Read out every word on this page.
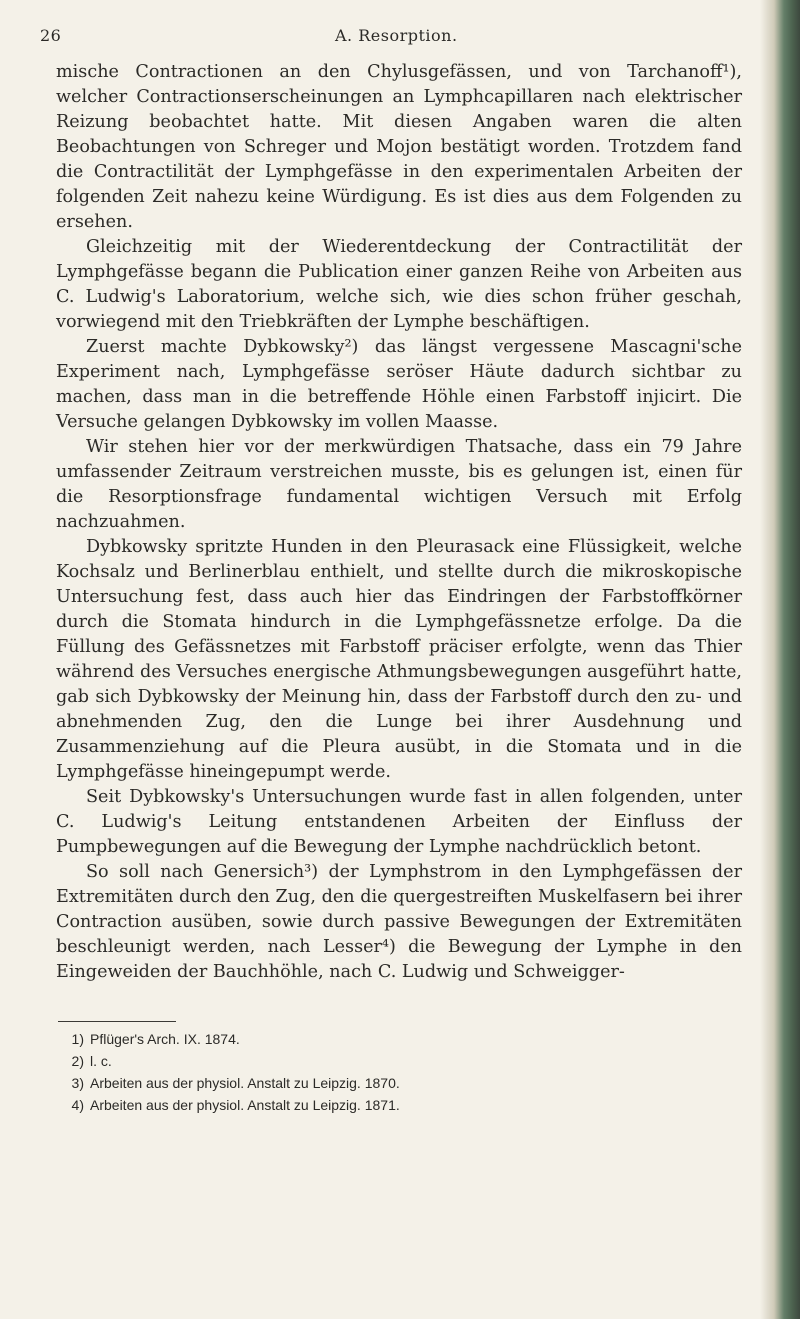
26	A. Resorption.

mische Contractionen an den Chylusgefässen, und von Tarchanoff¹), welcher Contractionserscheinungen an Lymphcapillaren nach elektrischer Reizung beobachtet hatte. Mit diesen Angaben waren die alten Beobachtungen von Schreger und Mojon bestätigt worden. Trotzdem fand die Contractilität der Lymphgefässe in den experimentalen Arbeiten der folgenden Zeit nahezu keine Würdigung. Es ist dies aus dem Folgenden zu ersehen.

Gleichzeitig mit der Wiederentdeckung der Contractilität der Lymphgefässe begann die Publication einer ganzen Reihe von Arbeiten aus C. Ludwig's Laboratorium, welche sich, wie dies schon früher geschah, vorwiegend mit den Triebkräften der Lymphe beschäftigen.

Zuerst machte Dybkowsky²) das längst vergessene Mascagni'sche Experiment nach, Lymphgefässe seröser Häute dadurch sichtbar zu machen, dass man in die betreffende Höhle einen Farbstoff injicirt. Die Versuche gelangen Dybkowsky im vollen Maasse.

Wir stehen hier vor der merkwürdigen Thatsache, dass ein 79 Jahre umfassender Zeitraum verstreichen musste, bis es gelungen ist, einen für die Resorptionsfrage fundamental wichtigen Versuch mit Erfolg nachzuahmen.

Dybkowsky spritzte Hunden in den Pleurasack eine Flüssigkeit, welche Kochsalz und Berlinerblau enthielt, und stellte durch die mikroskopische Untersuchung fest, dass auch hier das Eindringen der Farbstoffkörner durch die Stomata hindurch in die Lymphgefässnetze erfolge. Da die Füllung des Gefässnetzes mit Farbstoff präciser erfolgte, wenn das Thier während des Versuches energische Athmungsbewegungen ausgeführt hatte, gab sich Dybkowsky der Meinung hin, dass der Farbstoff durch den zu- und abnehmenden Zug, den die Lunge bei ihrer Ausdehnung und Zusammenziehung auf die Pleura ausübt, in die Stomata und in die Lymphgefässe hineingepumpt werde.

Seit Dybkowsky's Untersuchungen wurde fast in allen folgenden, unter C. Ludwig's Leitung entstandenen Arbeiten der Einfluss der Pumpbewegungen auf die Bewegung der Lymphe nachdrücklich betont.

So soll nach Genersich³) der Lymphstrom in den Lymphgefässen der Extremitäten durch den Zug, den die quergestreiften Muskelfasern bei ihrer Contraction ausüben, sowie durch passive Bewegungen der Extremitäten beschleunigt werden, nach Lesser⁴) die Bewegung der Lymphe in den Eingeweiden der Bauchhöhle, nach C. Ludwig und Schweigger-

1) Pflüger's Arch. IX. 1874.
2) l. c.
3) Arbeiten aus der physiol. Anstalt zu Leipzig. 1870.
4) Arbeiten aus der physiol. Anstalt zu Leipzig. 1871.
